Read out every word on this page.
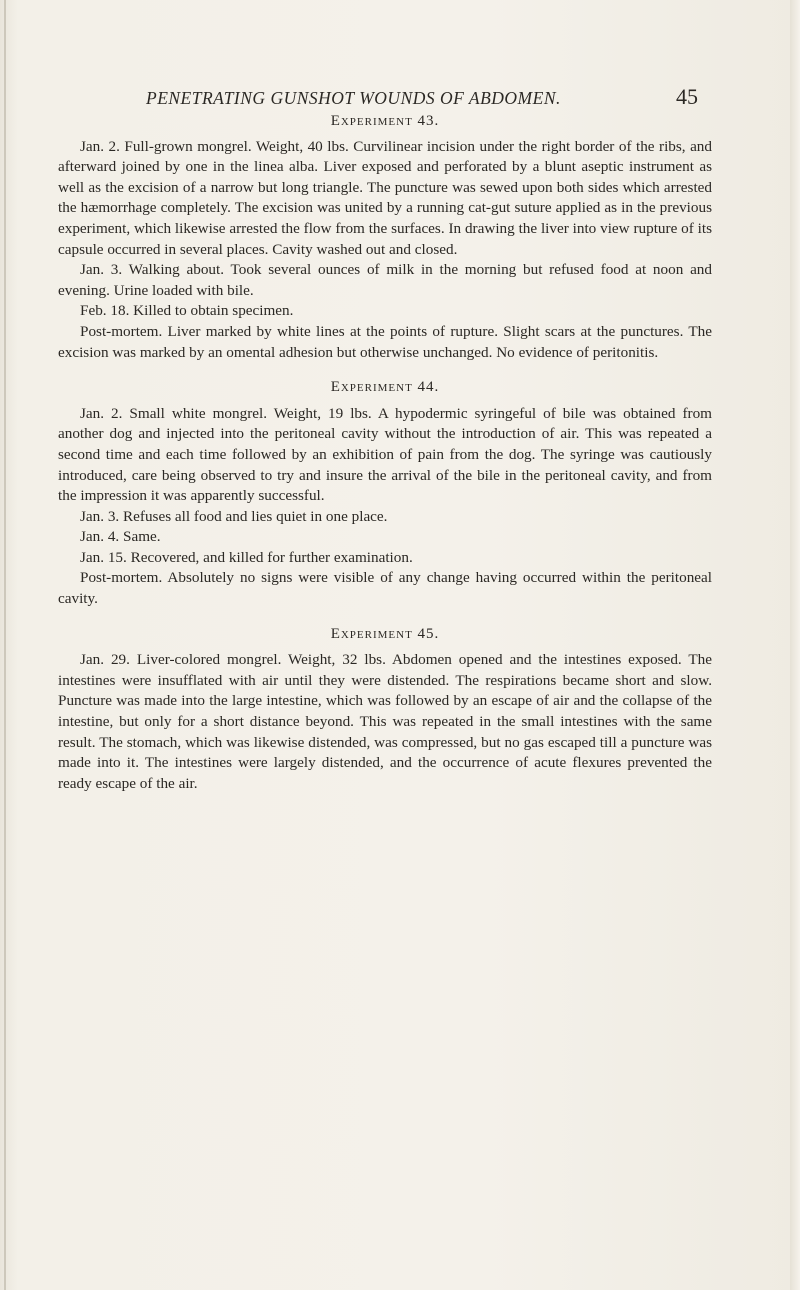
PENETRATING GUNSHOT WOUNDS OF ABDOMEN.	45

Experiment 43.

Jan. 2. Full-grown mongrel. Weight, 40 lbs. Curvilinear incision under the right border of the ribs, and afterward joined by one in the linea alba. Liver exposed and perforated by a blunt aseptic instrument as well as the excision of a narrow but long triangle. The puncture was sewed upon both sides which arrested the hæmorrhage completely. The excision was united by a running cat-gut suture applied as in the previous experiment, which likewise arrested the flow from the surfaces. In drawing the liver into view rupture of its capsule occurred in several places. Cavity washed out and closed.

Jan. 3. Walking about. Took several ounces of milk in the morning but refused food at noon and evening. Urine loaded with bile.

Feb. 18. Killed to obtain specimen.

Post-mortem. Liver marked by white lines at the points of rupture. Slight scars at the punctures. The excision was marked by an omental adhesion but otherwise unchanged. No evidence of peritonitis.

Experiment 44.

Jan. 2. Small white mongrel. Weight, 19 lbs. A hypodermic syringeful of bile was obtained from another dog and injected into the peritoneal cavity without the introduction of air. This was repeated a second time and each time followed by an exhibition of pain from the dog. The syringe was cautiously introduced, care being observed to try and insure the arrival of the bile in the peritoneal cavity, and from the impression it was apparently successful.

Jan. 3. Refuses all food and lies quiet in one place.

Jan. 4. Same.

Jan. 15. Recovered, and killed for further examination.

Post-mortem. Absolutely no signs were visible of any change having occurred within the peritoneal cavity.

Experiment 45.

Jan. 29. Liver-colored mongrel. Weight, 32 lbs. Abdomen opened and the intestines exposed. The intestines were insufflated with air until they were distended. The respirations became short and slow. Puncture was made into the large intestine, which was followed by an escape of air and the collapse of the intestine, but only for a short distance beyond. This was repeated in the small intestines with the same result. The stomach, which was likewise distended, was compressed, but no gas escaped till a puncture was made into it. The intestines were largely distended, and the occurrence of acute flexures prevented the ready escape of the air.
